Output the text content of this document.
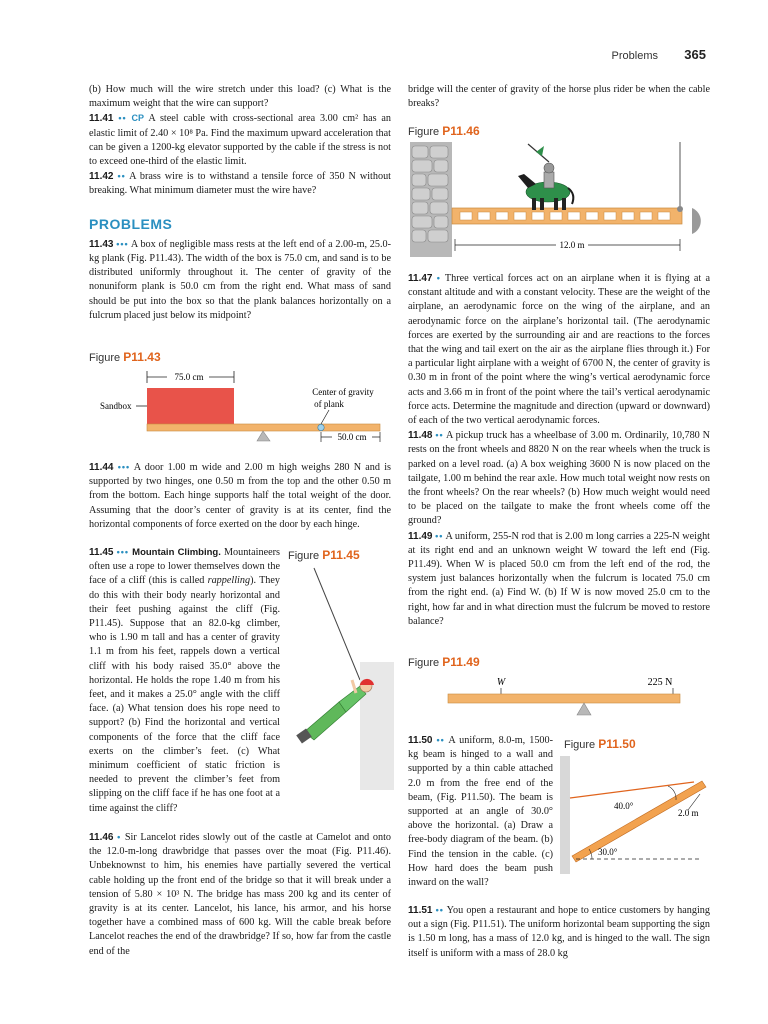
Problems 365

(b) How much will the wire stretch under this load? (c) What is the maximum weight that the wire can support?

11.41 •• CP A steel cable with cross-sectional area 3.00 cm² has an elastic limit of 2.40 × 10⁸ Pa. Find the maximum upward acceleration that can be given a 1200-kg elevator supported by the cable if the stress is not to exceed one-third of the elastic limit.

11.42 •• A brass wire is to withstand a tensile force of 350 N without breaking. What minimum diameter must the wire have?

PROBLEMS

11.43 ••• A box of negligible mass rests at the left end of a 2.00-m, 25.0-kg plank (Fig. P11.43). The width of the box is 75.0 cm, and sand is to be distributed uniformly throughout it. The center of gravity of the nonuniform plank is 50.0 cm from the right end. What mass of sand should be put into the box so that the plank balances horizontally on a fulcrum placed just below its midpoint?

Figure P11.43
75.0 cm
Sandbox
Center of gravity
of plank
50.0 cm

11.44 ••• A door 1.00 m wide and 2.00 m high weighs 280 N and is supported by two hinges, one 0.50 m from the top and the other 0.50 m from the bottom. Each hinge supports half the total weight of the door. Assuming that the door’s center of gravity is at its center, find the horizontal components of force exerted on the door by each hinge.

11.45 ••• Mountain Climbing. Mountaineers often use a rope to lower themselves down the face of a cliff (this is called rappelling). They do this with their body nearly horizontal and their feet pushing against the cliff (Fig. P11.45). Suppose that an 82.0-kg climber, who is 1.90 m tall and has a center of gravity 1.1 m from his feet, rappels down a vertical cliff with his body raised 35.0° above the horizontal. He holds the rope 1.40 m from his feet, and it makes a 25.0° angle with the cliff face. (a) What tension does his rope need to support? (b) Find the horizontal and vertical components of the force that the cliff face exerts on the climber’s feet. (c) What minimum coefficient of static friction is needed to prevent the climber’s feet from slipping on the cliff face if he has one foot at a time against the cliff?

Figure P11.45

11.46 • Sir Lancelot rides slowly out of the castle at Camelot and onto the 12.0-m-long drawbridge that passes over the moat (Fig. P11.46). Unbeknownst to him, his enemies have partially severed the vertical cable holding up the front end of the bridge so that it will break under a tension of 5.80 × 10³ N. The bridge has mass 200 kg and its center of gravity is at its center. Lancelot, his lance, his armor, and his horse together have a combined mass of 600 kg. Will the cable break before Lancelot reaches the end of the drawbridge? If so, how far from the castle end of the

bridge will the center of gravity of the horse plus rider be when the cable breaks?

Figure P11.46
12.0 m

11.47 • Three vertical forces act on an airplane when it is flying at a constant altitude and with a constant velocity. These are the weight of the airplane, an aerodynamic force on the wing of the airplane, and an aerodynamic force on the airplane’s horizontal tail. (The aerodynamic forces are exerted by the surrounding air and are reactions to the forces that the wing and tail exert on the air as the airplane flies through it.) For a particular light airplane with a weight of 6700 N, the center of gravity is 0.30 m in front of the point where the wing’s vertical aerodynamic force acts and 3.66 m in front of the point where the tail’s vertical aerodynamic force acts. Determine the magnitude and direction (upward or downward) of each of the two vertical aerodynamic forces.

11.48 •• A pickup truck has a wheelbase of 3.00 m. Ordinarily, 10,780 N rests on the front wheels and 8820 N on the rear wheels when the truck is parked on a level road. (a) A box weighing 3600 N is now placed on the tailgate, 1.00 m behind the rear axle. How much total weight now rests on the front wheels? On the rear wheels? (b) How much weight would need to be placed on the tailgate to make the front wheels come off the ground?

11.49 •• A uniform, 255-N rod that is 2.00 m long carries a 225-N weight at its right end and an unknown weight W toward the left end (Fig. P11.49). When W is placed 50.0 cm from the left end of the rod, the system just balances horizontally when the fulcrum is located 75.0 cm from the right end. (a) Find W. (b) If W is now moved 25.0 cm to the right, how far and in what direction must the fulcrum be moved to restore balance?

Figure P11.49
W	225 N

11.50 •• A uniform, 8.0-m, 1500-kg beam is hinged to a wall and supported by a thin cable attached 2.0 m from the free end of the beam, (Fig. P11.50). The beam is supported at an angle of 30.0° above the horizontal. (a) Draw a free-body diagram of the beam. (b) Find the tension in the cable. (c) How hard does the beam push inward on the wall?

Figure P11.50
30.0°
40.0°
2.0 m

11.51 •• You open a restaurant and hope to entice customers by hanging out a sign (Fig. P11.51). The uniform horizontal beam supporting the sign is 1.50 m long, has a mass of 12.0 kg, and is hinged to the wall. The sign itself is uniform with a mass of 28.0 kg
